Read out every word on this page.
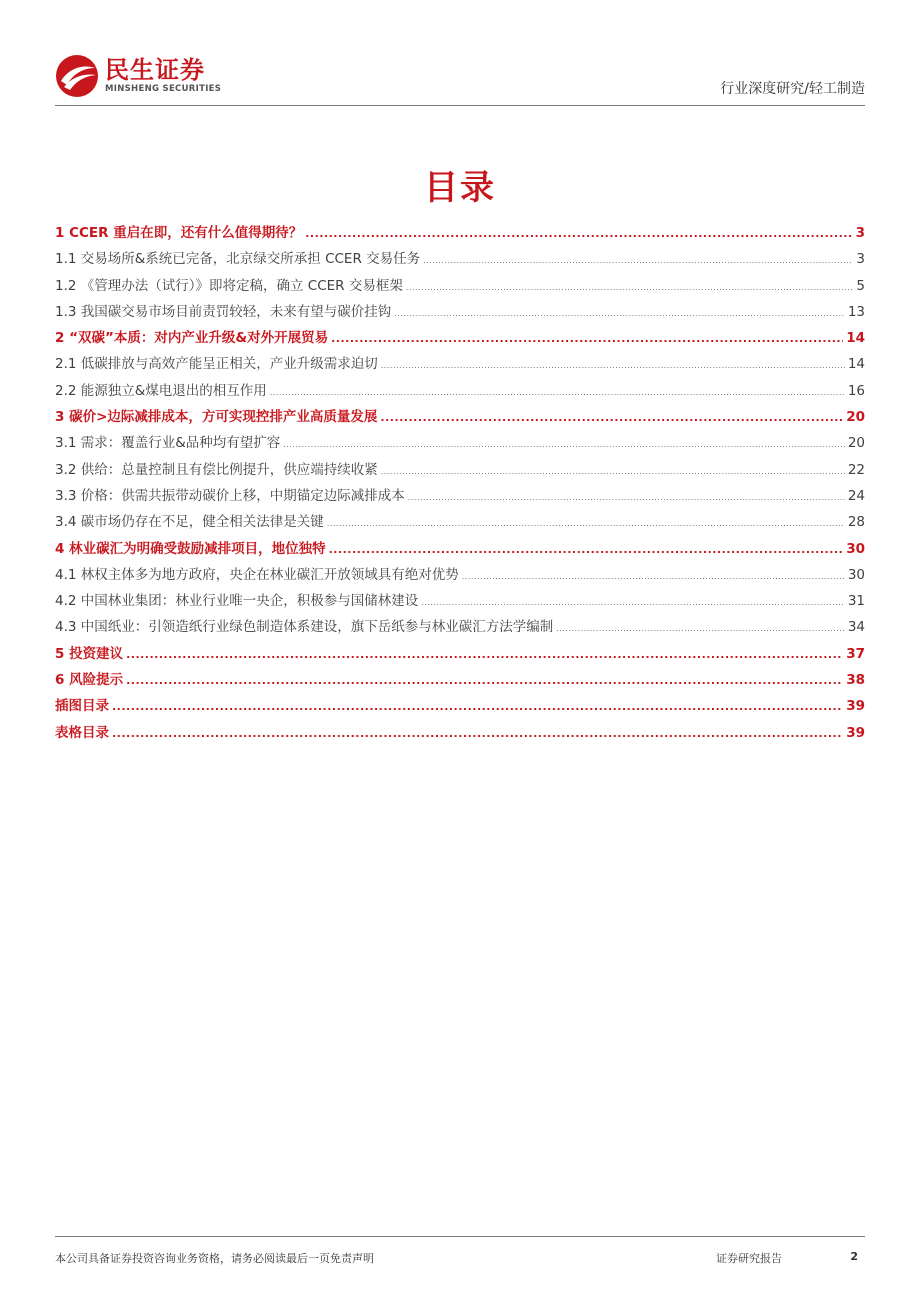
民生证券
MINSHENG SECURITIES	行业深度研究/轻工制造
目录
1 CCER 重启在即，还有什么值得期待？ .....	3
1.1 交易场所&系统已完备，北京绿交所承担 CCER 交易任务 .....	3
1.2 《管理办法（试行）》即将定稿，确立 CCER 交易框架 .....	5
1.3 我国碳交易市场目前责罚较轻，未来有望与碳价挂钩 .....	13
2 “双碳”本质：对内产业升级&对外开展贸易 .....	14
2.1 低碳排放与高效产能呈正相关，产业升级需求迫切 .....	14
2.2 能源独立&煤电退出的相互作用 .....	16
3 碳价>边际减排成本，方可实现控排产业高质量发展 .....	20
3.1 需求：覆盖行业&品种均有望扩容 .....	20
3.2 供给：总量控制且有偿比例提升，供应端持续收紧 .....	22
3.3 价格：供需共振带动碳价上移，中期锚定边际减排成本 .....	24
3.4 碳市场仍存在不足，健全相关法律是关键 .....	28
4 林业碳汇为明确受鼓励减排项目，地位独特 .....	30
4.1 林权主体多为地方政府，央企在林业碳汇开放领域具有绝对优势 .....	30
4.2 中国林业集团：林业行业唯一央企，积极参与国储林建设 .....	31
4.3 中国纸业：引领造纸行业绿色制造体系建设，旗下岳纸参与林业碳汇方法学编制 .....	34
5 投资建议 .....	37
6 风险提示 .....	38
插图目录 .....	39
表格目录 .....	39
本公司具备证券投资咨询业务资格，请务必阅读最后一页免责声明	证券研究报告	2
